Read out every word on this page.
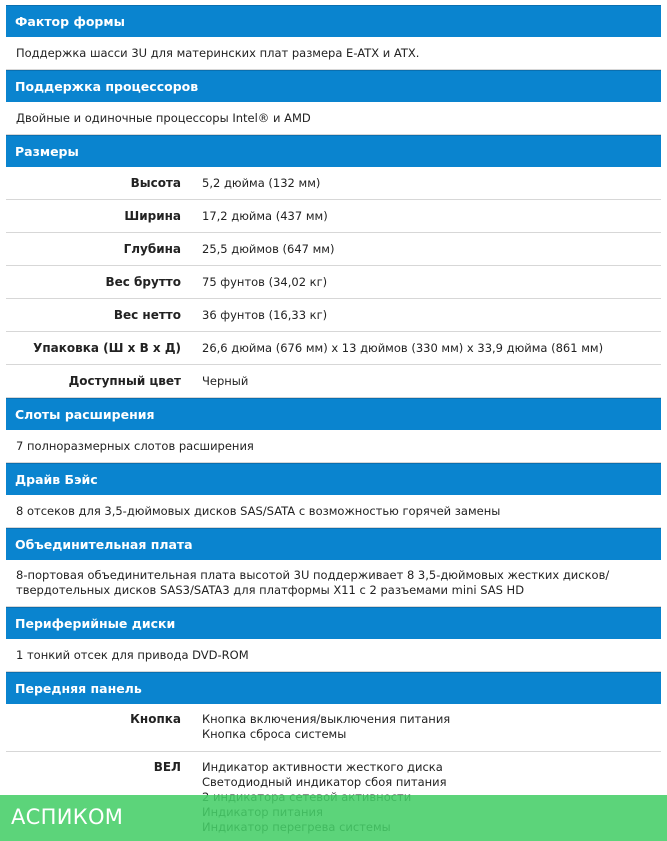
Фактор формы
Поддержка шасси 3U для материнских плат размера E-ATX и ATX.
Поддержка процессоров
Двойные и одиночные процессоры Intel® и AMD
Размеры
Высота	5,2 дюйма (132 мм)
Ширина	17,2 дюйма (437 мм)
Глубина	25,5 дюймов (647 мм)
Вес брутто	75 фунтов (34,02 кг)
Вес нетто	36 фунтов (16,33 кг)
Упаковка (Ш x В x Д)	26,6 дюйма (676 мм) x 13 дюймов (330 мм) x 33,9 дюйма (861 мм)
Доступный цвет	Черный
Слоты расширения
7 полноразмерных слотов расширения
Драйв Бэйс
8 отсеков для 3,5-дюймовых дисков SAS/SATA с возможностью горячей замены
Объединительная плата
8-портовая объединительная плата высотой 3U поддерживает 8 3,5-дюймовых жестких дисков/
твердотельных дисков SAS3/SATA3 для платформы X11 с 2 разъемами mini SAS HD
Периферийные диски
1 тонкий отсек для привода DVD-ROM
Передняя панель
Кнопка	Кнопка включения/выключения питания
Кнопка сброса системы
ВЕЛ	Индикатор активности жесткого диска
Светодиодный индикатор сбоя питания
АСПИКОМ
